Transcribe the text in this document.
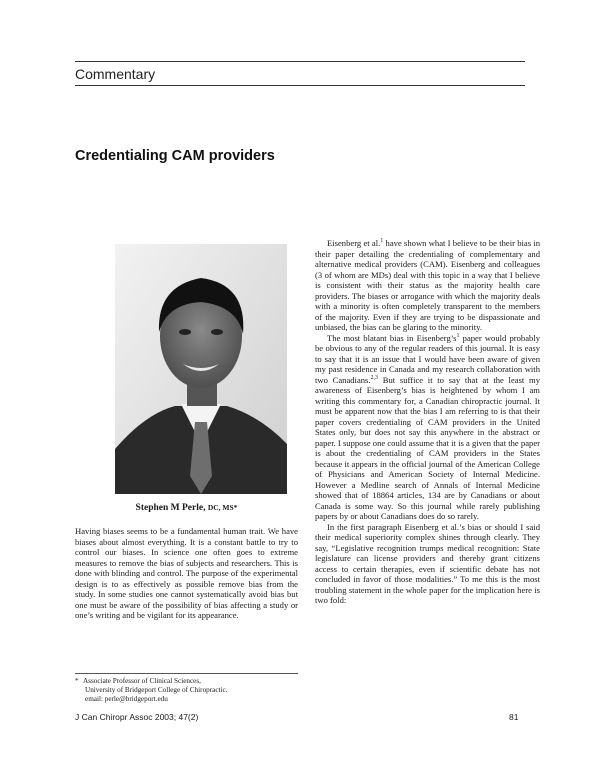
Commentary
Credentialing CAM providers
Stephen M Perle, DC, MS*

Having biases seems to be a fundamental human trait. We have biases about almost everything. It is a constant battle to try to control our biases. In science one often goes to extreme measures to remove the bias of subjects and researchers. This is done with blinding and control. The purpose of the experimental design is to as effectively as possible remove bias from the study. In some studies one cannot systematically avoid bias but one must be aware of the possibility of bias affecting a study or one’s writing and be vigilant for its appearance.

* Associate Professor of Clinical Sciences,
University of Bridgeport College of Chiropractic.
email: perle@bridgeport.edu

Eisenberg et al.$^1$ have shown what I believe to be their bias in their paper detailing the credentialing of complementary and alternative medical providers (CAM). Eisenberg and colleagues (3 of whom are MDs) deal with this topic in a way that I believe is consistent with their status as the majority health care providers. The biases or arrogance with which the majority deals with a minority is often completely transparent to the members of the majority. Even if they are trying to be dispassionate and unbiased, the bias can be glaring to the minority.

The most blatant bias in $Eisenberg’s^1$ paper would probably be obvious to any of the regular readers of this journal. It is easy to say that it is an issue that I would have been aware of given my past residence in Canada and my research collaboration with two Canadians.$^{2,3}$ But suffice it to say that at the least my awareness of Eisenberg’s bias is heightened by whom I am writing this commentary for, a Canadian chiropractic journal. It must be apparent now that the bias I am referring to is that their paper covers credentialing of CAM providers in the United States only, but does not say this anywhere in the abstract or paper. I suppose one could assume that it is a given that the paper is about the credentialing of CAM providers in the States because it appears in the official journal of the American College of Physicians and American Society of Internal Medicine. However a Medline search of Annals of Internal Medicine showed that of 18864 articles, 134 are by Canadians or about Canada is some way. So this journal while rarely publishing papers by or about Canadians does do so rarely.

In the first paragraph Eisenberg et al.’s bias or should I said their medical superiority complex shines through clearly. They say, “Legislative recognition trumps medical recognition: State legislature can license providers and thereby grant citizens access to certain therapies, even if scientific debate has not concluded in favor of those modalities.” To me this is the most troubling statement in the whole paper for the implication here is two fold:

J Can Chiropr Assoc 2003; 47(2)	81
